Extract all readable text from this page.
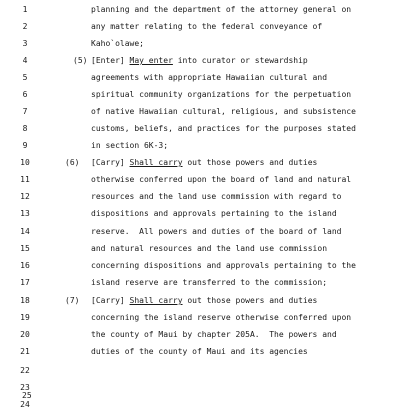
1	planning and the department of the attorney general on
2	any matter relating to the federal conveyance of
3	Kaho`olawe;
4	(5) [Enter] May enter into curator or stewardship
5	agreements with appropriate Hawaiian cultural and
6	spiritual community organizations for the perpetuation
7	of native Hawaiian cultural, religious, and subsistence
8	customs, beliefs, and practices for the purposes stated
9	in section 6K-3;
10	(6) [Carry] Shall carry out those powers and duties
11	otherwise conferred upon the board of land and natural
12	resources and the land use commission with regard to
13	dispositions and approvals pertaining to the island
14	reserve.  All powers and duties of the board of land
15	and natural resources and the land use commission
16	concerning dispositions and approvals pertaining to the
17	island reserve are transferred to the commission;
18	(7) [Carry] Shall carry out those powers and duties
19	concerning the island reserve otherwise conferred upon
20	the county of Maui by chapter 205A.  The powers and
21	duties of the county of Maui and its agencies
22
23
24
25
